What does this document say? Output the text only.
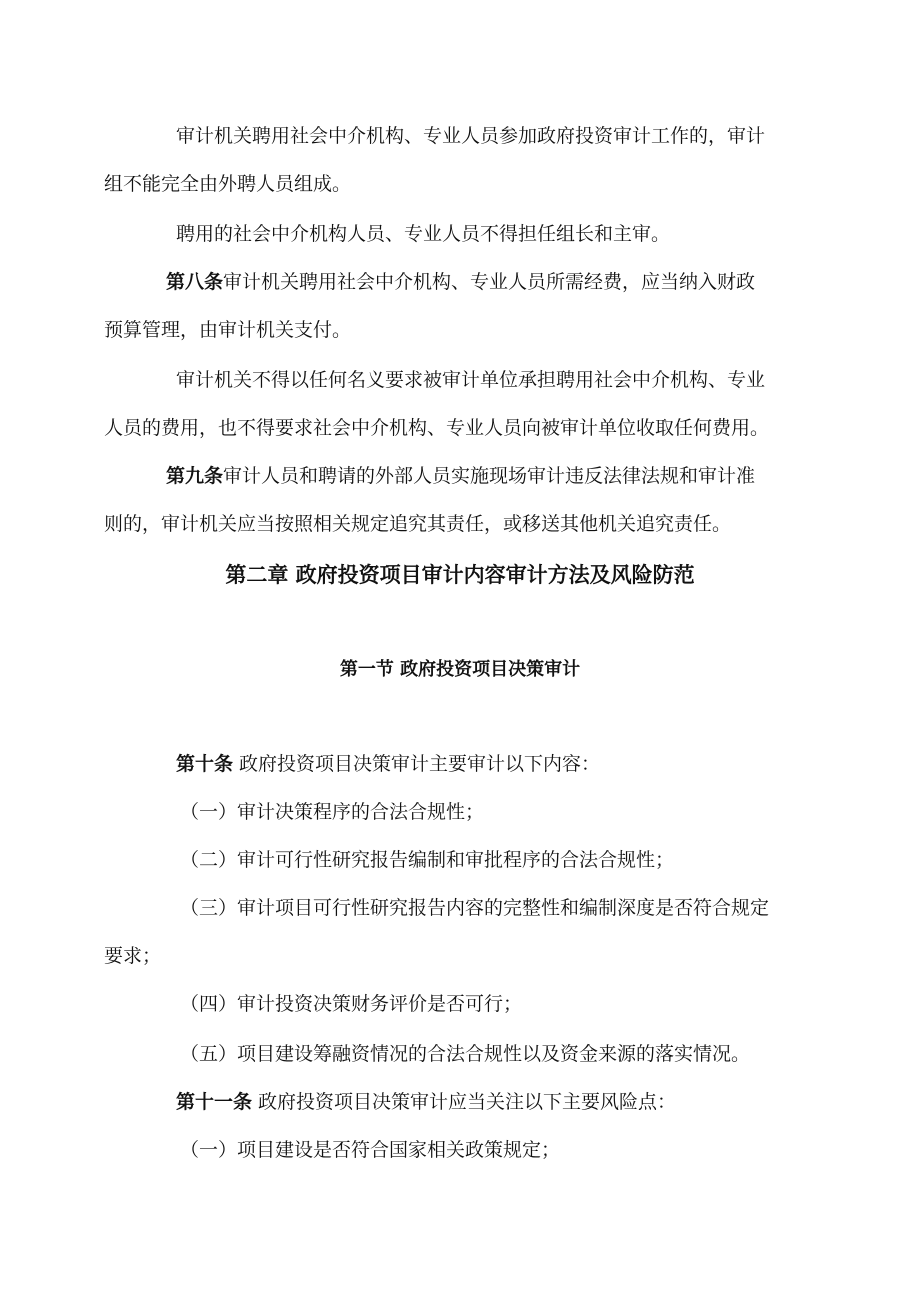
审计机关聘用社会中介机构、专业人员参加政府投资审计工作的，审计
组不能完全由外聘人员组成。
聘用的社会中介机构人员、专业人员不得担任组长和主审。
第八条审计机关聘用社会中介机构、专业人员所需经费，应当纳入财政
预算管理，由审计机关支付。
审计机关不得以任何名义要求被审计单位承担聘用社会中介机构、专业
人员的费用，也不得要求社会中介机构、专业人员向被审计单位收取任何费用。
第九条审计人员和聘请的外部人员实施现场审计违反法律法规和审计准
则的，审计机关应当按照相关规定追究其责任，或移送其他机关追究责任。
第二章 政府投资项目审计内容审计方法及风险防范
第一节 政府投资项目决策审计
第十条 政府投资项目决策审计主要审计以下内容：
（一）审计决策程序的合法合规性；
（二）审计可行性研究报告编制和审批程序的合法合规性；
（三）审计项目可行性研究报告内容的完整性和编制深度是否符合规定
要求；
（四）审计投资决策财务评价是否可行；
（五）项目建设筹融资情况的合法合规性以及资金来源的落实情况。
第十一条 政府投资项目决策审计应当关注以下主要风险点：
（一）项目建设是否符合国家相关政策规定；
